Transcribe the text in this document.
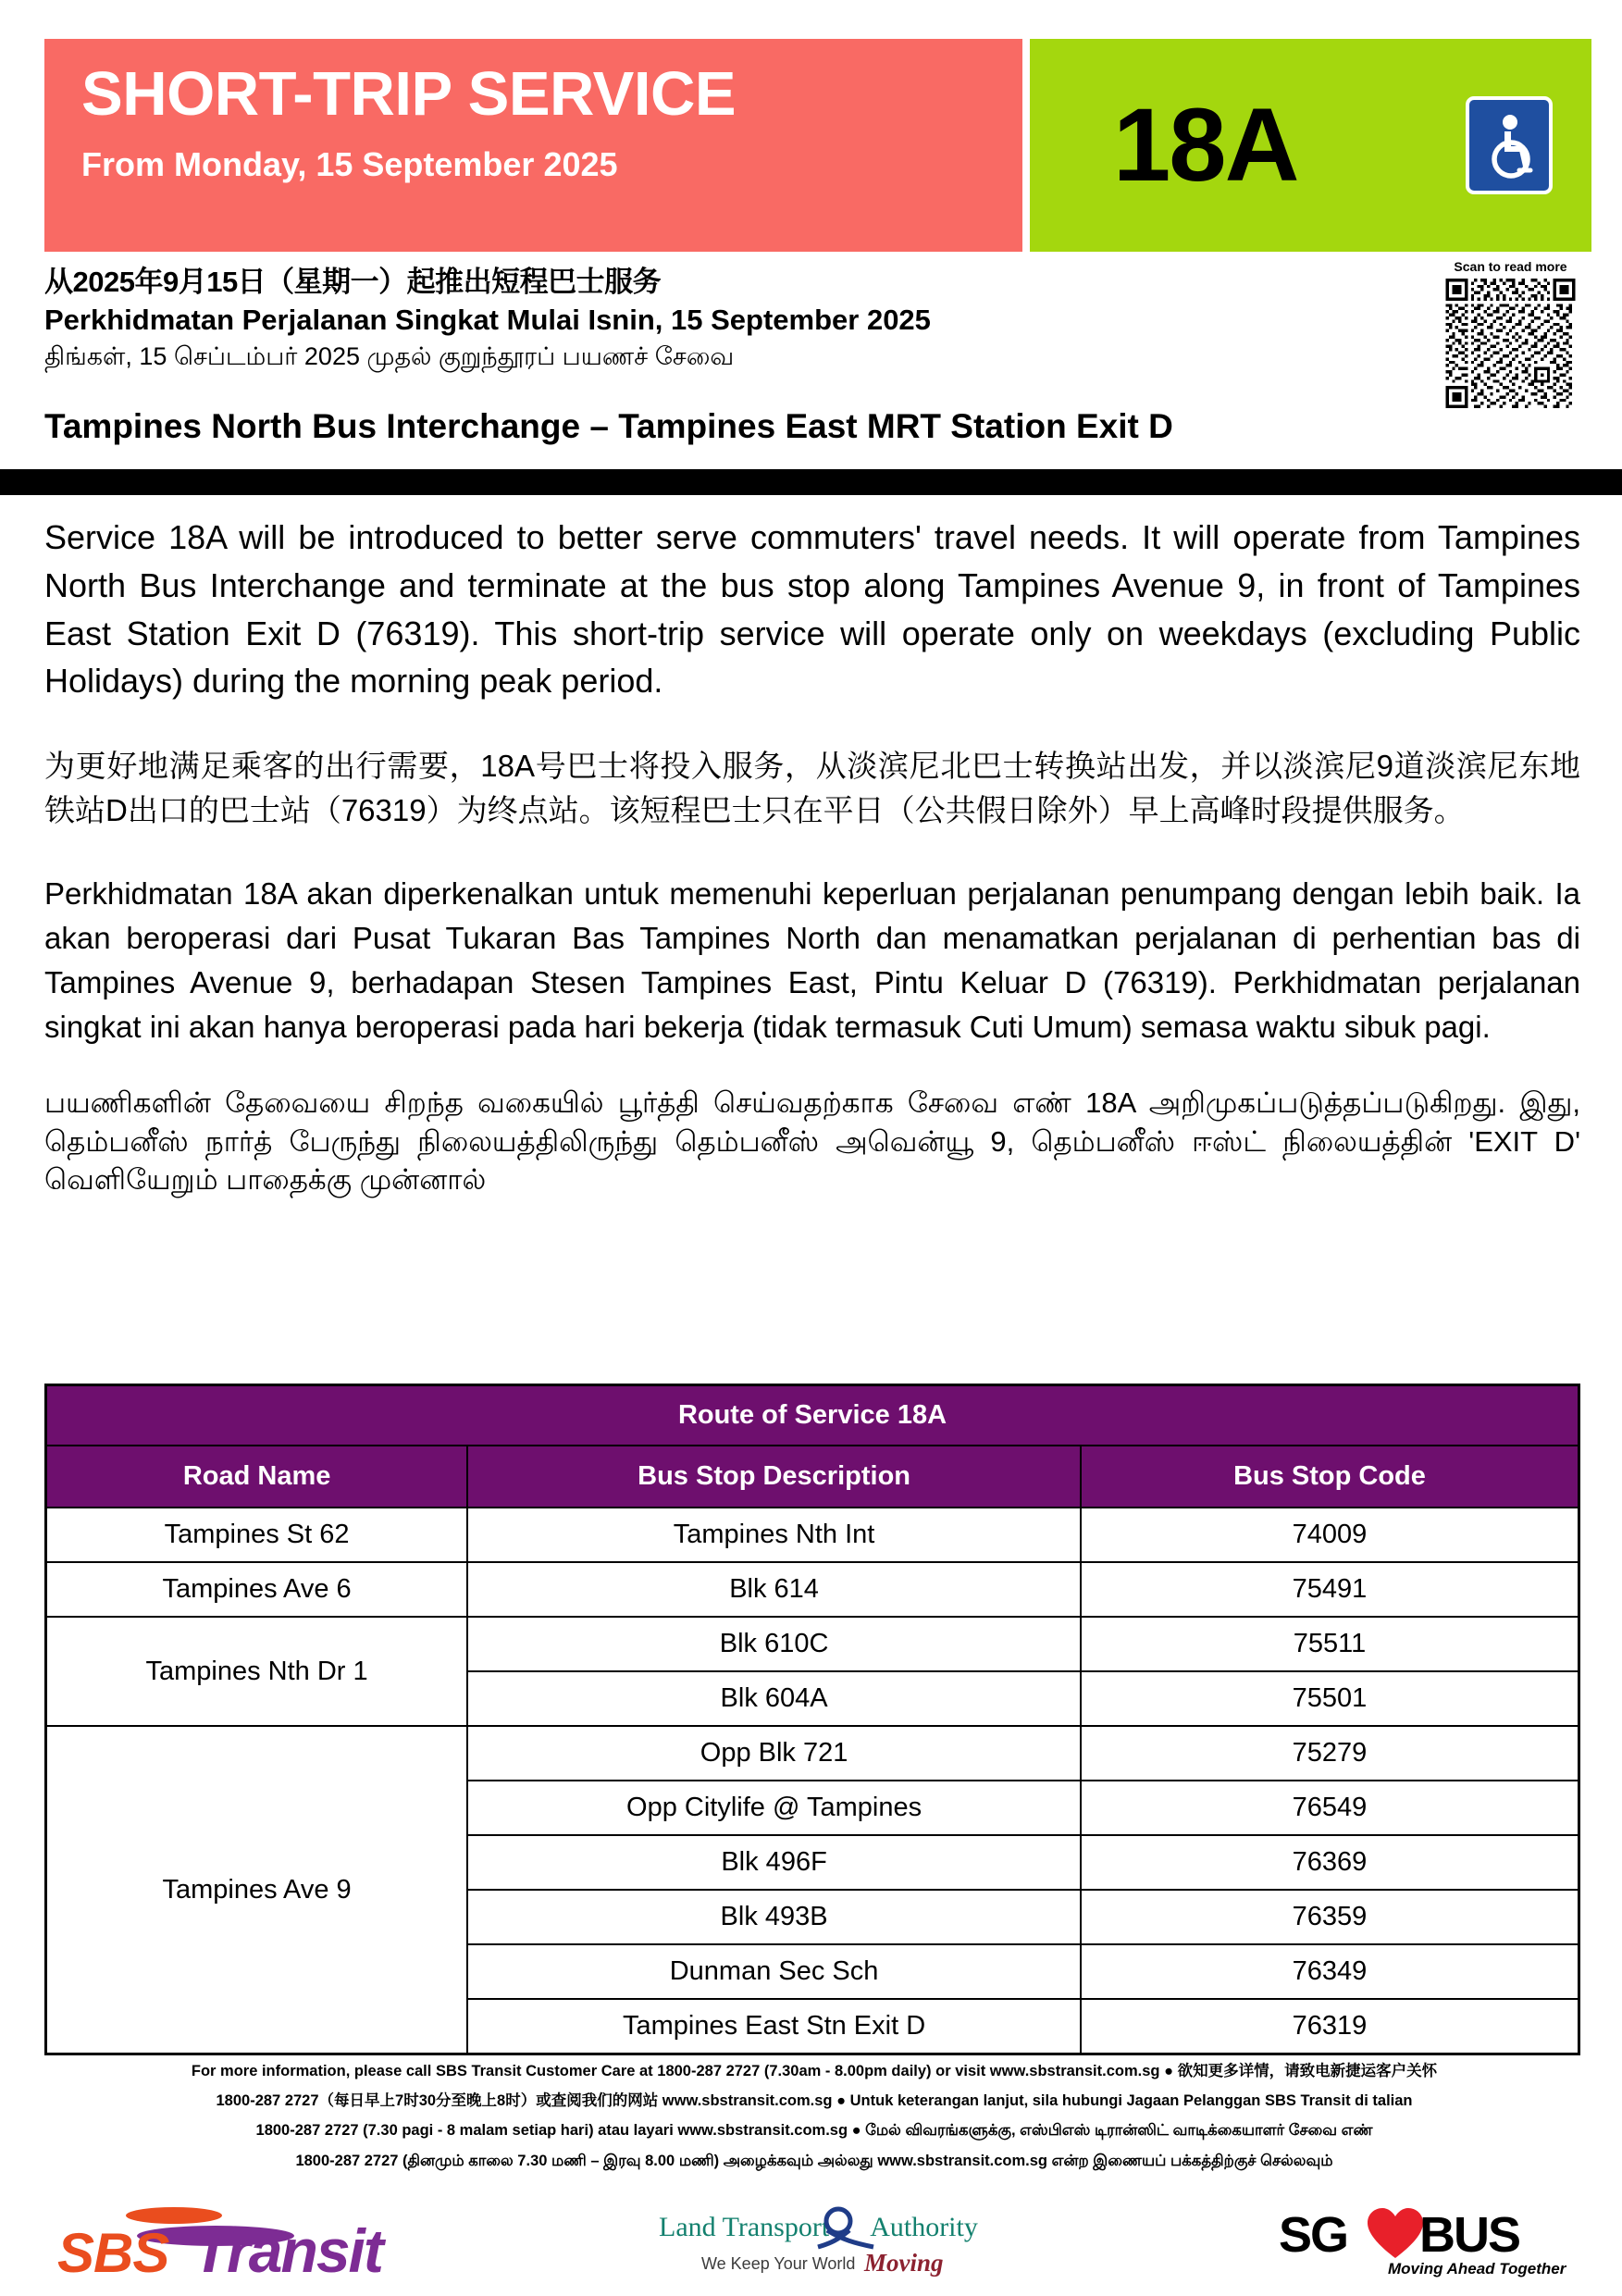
SHORT-TRIP SERVICE
From Monday, 15 September 2025	18A
从2025年9月15日（星期一）起推出短程巴士服务
Perkhidmatan Perjalanan Singkat Mulai Isnin, 15 September 2025
திங்கள், 15 செப்டம்பர் 2025 முதல் குறுந்தூரப் பயணச் சேவை
Tampines North Bus Interchange – Tampines East MRT Station Exit D
Scan to read more

Service 18A will be introduced to better serve commuters' travel needs. It will operate from Tampines North Bus Interchange and terminate at the bus stop along Tampines Avenue 9, in front of Tampines East Station Exit D (76319). This short-trip service will operate only on weekdays (excluding Public Holidays) during the morning peak period.

为更好地满足乘客的出行需要，18A号巴士将投入服务，从淡滨尼北巴士转换站出发，并以淡滨尼9道淡滨尼东地铁站D出口的巴士站（76319）为终点站。该短程巴士只在平日（公共假日除外）早上高峰时段提供服务。

Perkhidmatan 18A akan diperkenalkan untuk memenuhi keperluan perjalanan penumpang dengan lebih baik. Ia akan beroperasi dari Pusat Tukaran Bas Tampines North dan menamatkan perjalanan di perhentian bas di Tampines Avenue 9, berhadapan Stesen Tampines East, Pintu Keluar D (76319). Perkhidmatan perjalanan singkat ini akan hanya beroperasi pada hari bekerja (tidak termasuk Cuti Umum) semasa waktu sibuk pagi.

பயணிகளின் தேவையை சிறந்த வகையில் பூர்த்தி செய்வதற்காக சேவை எண் 18A அறிமுகப்படுத்தப்படுகிறது. இது, தெம்பனீஸ் நார்த் பேருந்து நிலையத்திலிருந்து தெம்பனீஸ் அவென்யூ 9, தெம்பனீஸ் ஈஸ்ட் நிலையத்தின் 'EXIT D' வெளியேறும் பாதைக்கு முன்னால்

Route of Service 18A		
Road Name	Bus Stop Description	Bus Stop Code
Tampines St 62	Tampines Nth Int	74009
Tampines Ave 6	Blk 614	75491
Tampines Nth Dr 1	Blk 610C	75511
	Blk 604A	75501
Tampines Ave 9	Opp Blk 721	75279
	Opp Citylife @ Tampines	76549
	Blk 496F	76369
	Blk 493B	76359
	Dunman Sec Sch	76349
	Tampines East Stn Exit D	76319
For more information, please call SBS Transit Customer Care at 1800-287 2727 (7.30am - 8.00pm daily) or visit www.sbstransit.com.sg ● 欲知更多详情，请致电新捷运客户关怀
1800-287 2727（每日早上7时30分至晚上8时）或查阅我们的网站 www.sbstransit.com.sg ● Untuk keterangan lanjut, sila hubungi Jagaan Pelanggan SBS Transit di talian
1800-287 2727 (7.30 pagi - 8 malam setiap hari) atau layari www.sbstransit.com.sg ● மேல் விவரங்களுக்கு, எஸ்பிஎஸ் டிரான்ஸிட் வாடிக்கையாளர் சேவை எண்
1800-287 2727 (தினமும் காலை 7.30 மணி – இரவு 8.00 மணி) அழைக்கவும் அல்லது www.sbstransit.com.sg என்ற இணையப் பக்கத்திற்குச் செல்லவும்
SBS Transit	Land Transport Authority
We Keep Your World Moving	SG BUS
Moving Ahead Together
